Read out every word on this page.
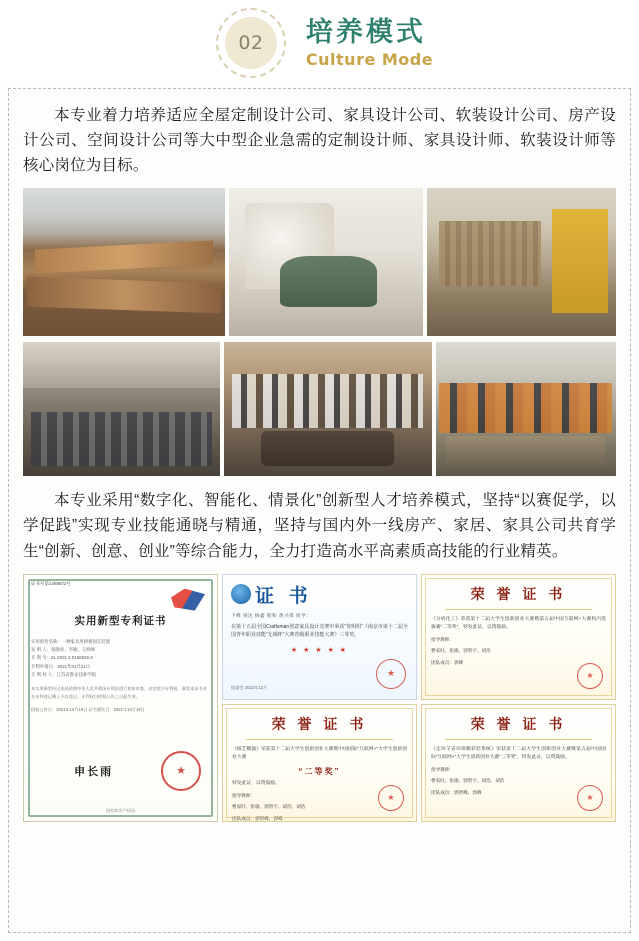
02	培养模式
Culture Mode

本专业着力培养适应全屋定制设计公司、家具设计公司、软装设计公司、房产设计公司、空间设计公司等大中型企业急需的定制设计师、家具设计师、软装设计师等核心岗位为目标。

本专业采用“数字化、智能化、情景化”创新型人才培养模式，坚持“以赛促学，以学促践”实现专业技能通晓与精通，坚持与国内外一线房产、家居、家具公司共育学生“创新、创意、创业”等综合能力，全力打造高水平高素质高技能的行业精英。

证书号第1489872号
实用新型专利证书
实用新型名称：一种家具用拼板固定装置
发 明 人：张晓亮、李敏、王海峰
专 利 号：ZL 2021 2 0166926.X
专利申请日：2021年01月21日
专 利 权 人：江苏省淮安技师学院
本实用新型经过本局依照中华人民共和国专利法进行初步审查，决定授予专利权，颁发本证书并在专利登记簿上予以登记。专利权自授权公告之日起生效。
授权公告日：2021年10月19日 证书颁发日：2021年10月19日
申长雨
★
国家知识产权局
证 书
下峰 扬达 杨鑫 程和 黄兴锋 同学：
在第十五届全国Craftsman创意家具设计竞赛中荣获“发明组”《南京市第十二届全国青年职业技能“无锡杯”大赛省级职业技能大赛》三等奖。
★ ★ ★ ★ ★
组委会 2022年12月
★
荣 誉 证 书
《分析化工》荣获第十二届大学生创新创业大赛暨第五届中国互联网+大赛校内选拔赛“二等奖”，特发此证，以资鼓励。
指导教师：
曹家旺、张瑜、郭智宇、胡浩
团队成员：郭峰
★
荣 誉 证 书
《纸艺糖器》荣获第十二届大学生创新创业大赛暨中国国际“互联网+”大学生创新创业大赛
“二等奖”
特发此证，以资鼓励。
指导教师：
曹家旺、张瑜、郭智宇、胡浩、胡浩
团队成员：郭智峰、郭峰
★
荣 誉 证 书
《定环苄省环保精彩装系统》荣获第十二届大学生创新创业大赛暨第五届中国国际“互联网+”大学生创新创业大赛“三等奖”，特发此证，以资鼓励。
指导教师：
曹家旺、张瑜、郭智宇、胡浩、胡浩
团队成员：郭智峰、郭峰
★
